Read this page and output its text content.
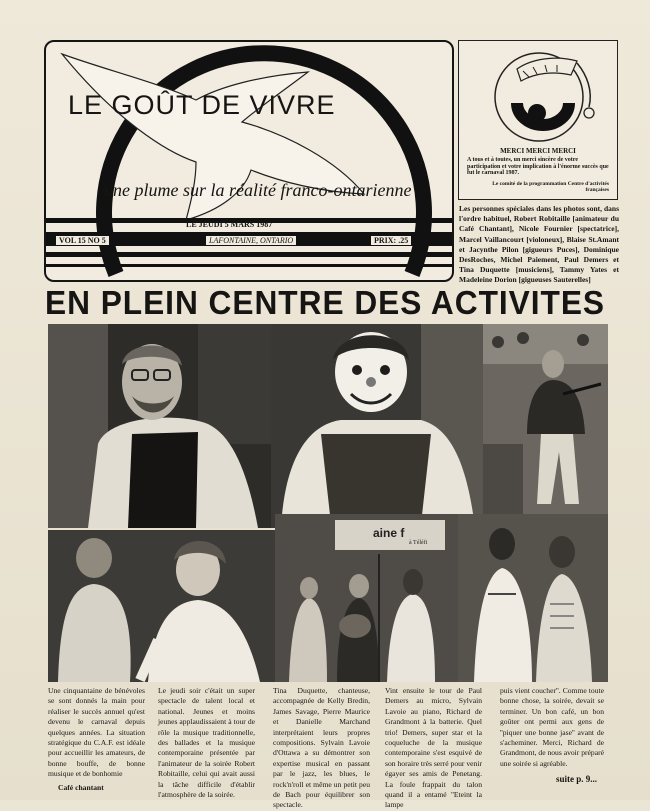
LE GOÛT DE VIVRE
une plume sur la réalité franco-ontarienne
LE JEUDI 5 MARS 1987
VOL 15 NO 5	LAFONTAINE, ONTARIO	PRIX: .25
MERCI MERCI MERCI
A tous et à toutes, un merci sincère de votre participation et votre implication à l'énorme succès que fut le carnaval 1987.
Le comité de la programmation Centre d'activités françaises
Les personnes spéciales dans les photos sont, dans l'ordre habituel, Robert Robitaille [animateur du Café Chantant], Nicole Fournier [spectatrice], Marcel Vaillancourt [violoneux], Blaise St.Amant et Jacynthe Pilon [gigueurs Puces], Dominique DesRoches, Michel Paiement, Paul Demers et Tina Duquette [musiciens], Tammy Yates et Madeleine Dorion [gigueuses Sauterelles]
EN PLEIN CENTRE DES ACTIVITES
aine f
à Téléfi
Une cinquantaine de bénévoles se sont donnés la main pour réaliser le succès annuel qu'est devenu le carnaval depuis quelques années. La situation stratégique du C.A.F. est idéale pour accueillir les amateurs, de bonne bouffe, de bonne musique et de bonhomie
Café chantant
Le jeudi soir c'était un super spectacle de talent local et national. Jeunes et moins jeunes applaudissaient à tour de rôle la musique traditionnelle, des ballades et la musique contemporaine présentée par l'animateur de la soirée Robert Robitaille, celui qui avait aussi la tâche difficile d'établir l'atmosphère de la soirée.
Tina Duquette, chanteuse, accompagnée de Kelly Bredin, James Savage, Pierre Maurice et Danielle Marchand interprétaient leurs propres compositions. Sylvain Lavoie d'Ottawa a su démontrer son expertise musical en passant par le jazz, les blues, le rock'n'roll et même un petit peu de Bach pour équilibrer son spectacle.
Vint ensuite le tour de Paul Demers au micro, Sylvain Lavoie au piano, Richard de Grandmont à la batterie. Quel trio! Demers, super star et la coqueluche de la musique contemporaine s'est esquivé de son horaire très serré pour venir égayer ses amis de Penetang. La foule frappait du talon quand il a entamé ''Eteint la lampe
puis vient coucher''. Comme toute bonne chose, la soirée, devait se terminer. Un bon café, un bon goûter ont permi aux gens de ''piquer une bonne jase'' avant de s'acheminer. Merci, Richard de Grandmont, de nous avoir préparé une soirée si agréable.
suite p. 9...
